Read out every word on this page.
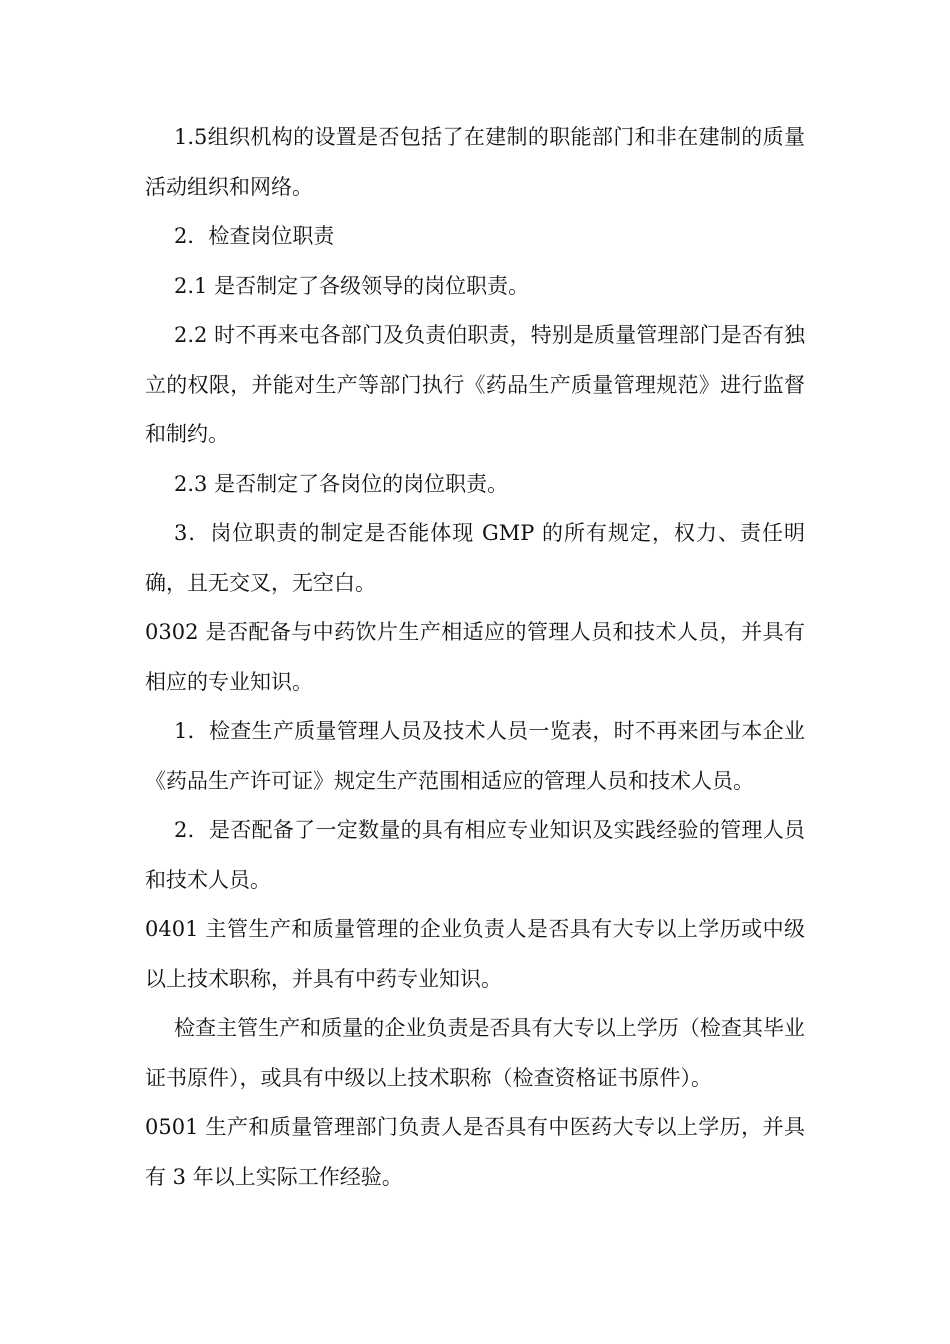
1.5组织机构的设置是否包括了在建制的职能部门和非在建制的质量活动组织和网络。

2．检查岗位职责

2.1 是否制定了各级领导的岗位职责。

2.2 时不再来屯各部门及负责伯职责，特别是质量管理部门是否有独立的权限，并能对生产等部门执行《药品生产质量管理规范》进行监督和制约。

2.3 是否制定了各岗位的岗位职责。

3．岗位职责的制定是否能体现 GMP 的所有规定，权力、责任明确，且无交叉，无空白。

0302 是否配备与中药饮片生产相适应的管理人员和技术人员，并具有相应的专业知识。

1．检查生产质量管理人员及技术人员一览表，时不再来团与本企业《药品生产许可证》规定生产范围相适应的管理人员和技术人员。

2．是否配备了一定数量的具有相应专业知识及实践经验的管理人员和技术人员。

0401 主管生产和质量管理的企业负责人是否具有大专以上学历或中级以上技术职称，并具有中药专业知识。

检查主管生产和质量的企业负责是否具有大专以上学历（检查其毕业证书原件），或具有中级以上技术职称（检查资格证书原件）。

0501 生产和质量管理部门负责人是否具有中医药大专以上学历，并具有 3 年以上实际工作经验。
